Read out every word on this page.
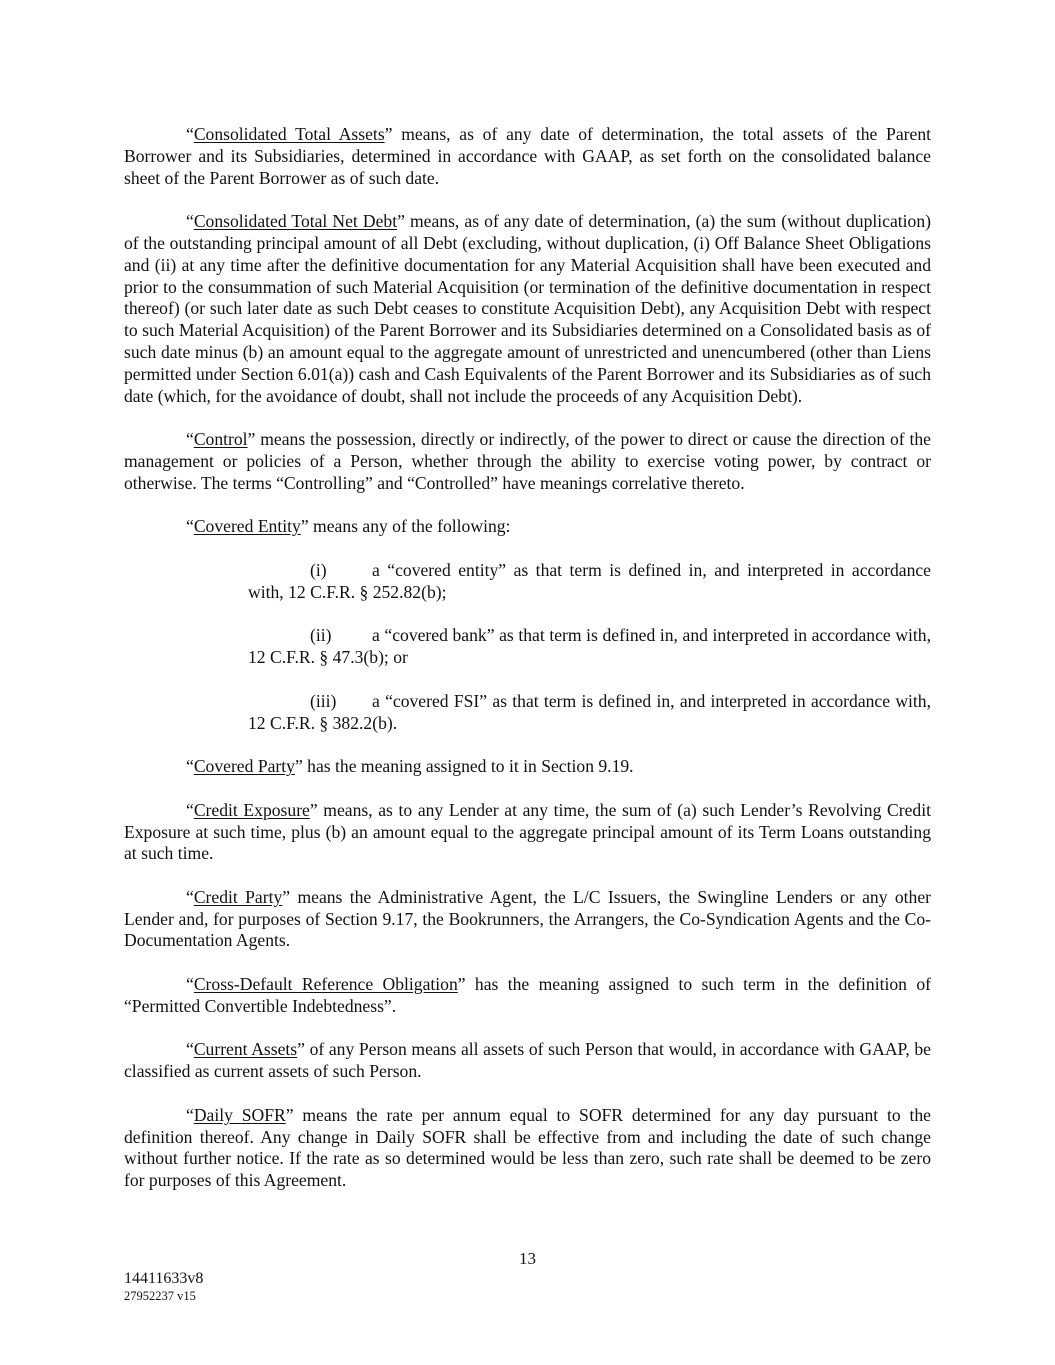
“Consolidated Total Assets” means, as of any date of determination, the total assets of the Parent Borrower and its Subsidiaries, determined in accordance with GAAP, as set forth on the consolidated balance sheet of the Parent Borrower as of such date.

“Consolidated Total Net Debt” means, as of any date of determination, (a) the sum (without duplication) of the outstanding principal amount of all Debt (excluding, without duplication, (i) Off Balance Sheet Obligations and (ii) at any time after the definitive documentation for any Material Acquisition shall have been executed and prior to the consummation of such Material Acquisition (or termination of the definitive documentation in respect thereof) (or such later date as such Debt ceases to constitute Acquisition Debt), any Acquisition Debt with respect to such Material Acquisition) of the Parent Borrower and its Subsidiaries determined on a Consolidated basis as of such date minus (b) an amount equal to the aggregate amount of unrestricted and unencumbered (other than Liens permitted under Section 6.01(a)) cash and Cash Equivalents of the Parent Borrower and its Subsidiaries as of such date (which, for the avoidance of doubt, shall not include the proceeds of any Acquisition Debt).

“Control” means the possession, directly or indirectly, of the power to direct or cause the direction of the management or policies of a Person, whether through the ability to exercise voting power, by contract or otherwise. The terms “Controlling” and “Controlled” have meanings correlative thereto.

“Covered Entity” means any of the following:

(i)	a “covered entity” as that term is defined in, and interpreted in accordance with, 12 C.F.R. § 252.82(b);

(ii) a “covered bank” as that term is defined in, and interpreted in accordance with, 12 C.F.R. § 47.3(b); or

(iii) a “covered FSI” as that term is defined in, and interpreted in accordance with, 12 C.F.R. § 382.2(b).

“Covered Party” has the meaning assigned to it in Section 9.19.

“Credit Exposure” means, as to any Lender at any time, the sum of (a) such Lender’s Revolving Credit Exposure at such time, plus (b) an amount equal to the aggregate principal amount of its Term Loans outstanding at such time.

“Credit Party” means the Administrative Agent, the L/C Issuers, the Swingline Lenders or any other Lender and, for purposes of Section 9.17, the Bookrunners, the Arrangers, the Co-Syndication Agents and the Co-Documentation Agents.

“Cross-Default Reference Obligation” has the meaning assigned to such term in the definition of “Permitted Convertible Indebtedness”.

“Current Assets” of any Person means all assets of such Person that would, in accordance with GAAP, be classified as current assets of such Person.

“Daily SOFR” means the rate per annum equal to SOFR determined for any day pursuant to the definition thereof. Any change in Daily SOFR shall be effective from and including the date of such change without further notice. If the rate as so determined would be less than zero, such rate shall be deemed to be zero for purposes of this Agreement.

13
14411633v8
27952237 v15
